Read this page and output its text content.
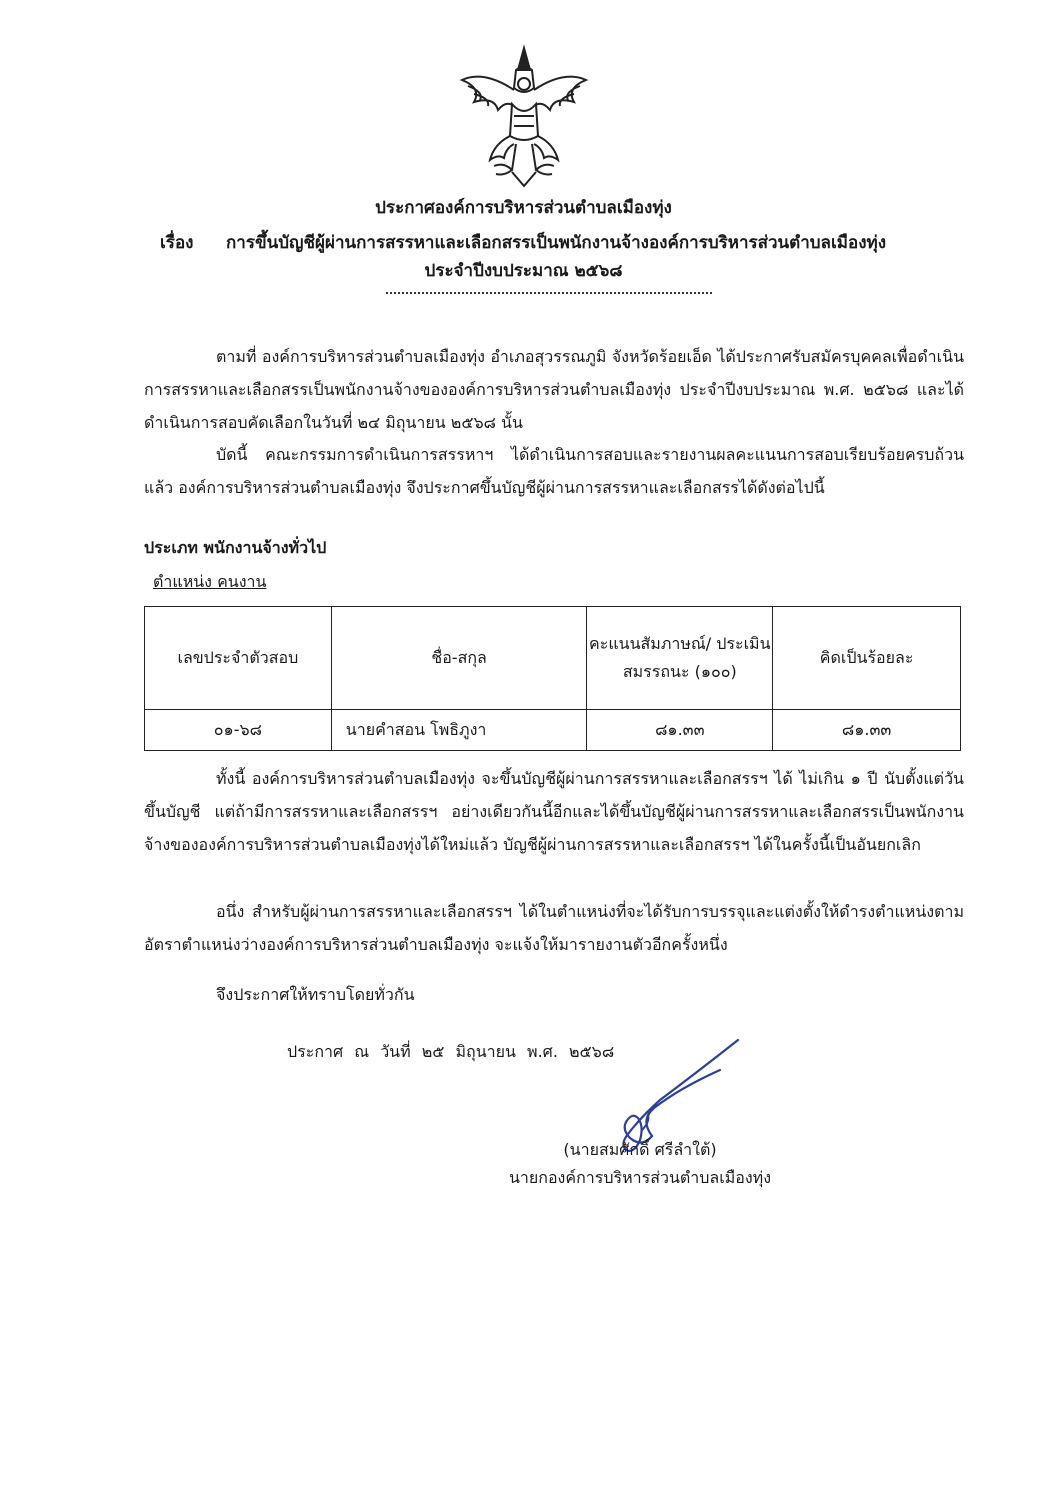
ประกาศองค์การบริหารส่วนตำบลเมืองทุ่ง
เรื่อง การขึ้นบัญชีผู้ผ่านการสรรหาและเลือกสรรเป็นพนักงานจ้างองค์การบริหารส่วนตำบลเมืองทุ่ง
ประจำปีงบประมาณ ๒๕๖๘
ตามที่ องค์การบริหารส่วนตำบลเมืองทุ่ง อำเภอสุวรรณภูมิ จังหวัดร้อยเอ็ด ได้ประกาศรับสมัครบุคคลเพื่อดำเนินการสรรหาและเลือกสรรเป็นพนักงานจ้างขององค์การบริหารส่วนตำบลเมืองทุ่ง ประจำปีงบประมาณ พ.ศ. ๒๕๖๘ และได้ดำเนินการสอบคัดเลือกในวันที่ ๒๔ มิถุนายน ๒๕๖๘ นั้น
บัดนี้ คณะกรรมการดำเนินการสรรหาฯ ได้ดำเนินการสอบและรายงานผลคะแนนการสอบเรียบร้อยครบถ้วนแล้ว องค์การบริหารส่วนตำบลเมืองทุ่ง จึงประกาศขึ้นบัญชีผู้ผ่านการสรรหาและเลือกสรรได้ดังต่อไปนี้
ประเภท พนักงานจ้างทั่วไป
ตำแหน่ง คนงาน
เลขประจำตัวสอบ	ชื่อ-สกุล	คะแนนสัมภาษณ์/ ประเมินสมรรถนะ (๑๐๐)	คิดเป็นร้อยละ
๐๑-๖๘	นายคำสอน โพธิภูงา	๘๑.๓๓	๘๑.๓๓
ทั้งนี้ องค์การบริหารส่วนตำบลเมืองทุ่ง จะขึ้นบัญชีผู้ผ่านการสรรหาและเลือกสรรฯ ได้ ไม่เกิน ๑ ปี นับตั้งแต่วันขึ้นบัญชี แต่ถ้ามีการสรรหาและเลือกสรรฯ อย่างเดียวกันนี้อีกและได้ขึ้นบัญชีผู้ผ่านการสรรหาและเลือกสรรเป็นพนักงานจ้างขององค์การบริหารส่วนตำบลเมืองทุ่งได้ใหม่แล้ว บัญชีผู้ผ่านการสรรหาและเลือกสรรฯ ได้ในครั้งนี้เป็นอันยกเลิก
อนึ่ง สำหรับผู้ผ่านการสรรหาและเลือกสรรฯ ได้ในตำแหน่งที่จะได้รับการบรรจุและแต่งตั้งให้ดำรงตำแหน่งตามอัตราตำแหน่งว่างองค์การบริหารส่วนตำบลเมืองทุ่ง จะแจ้งให้มารายงานตัวอีกครั้งหนึ่ง
จึงประกาศให้ทราบโดยทั่วกัน
ประกาศ ณ วันที่ ๒๕ มิถุนายน พ.ศ. ๒๕๖๘
(นายสมศักดิ์ ศรีลำใต้)
นายกองค์การบริหารส่วนตำบลเมืองทุ่ง
